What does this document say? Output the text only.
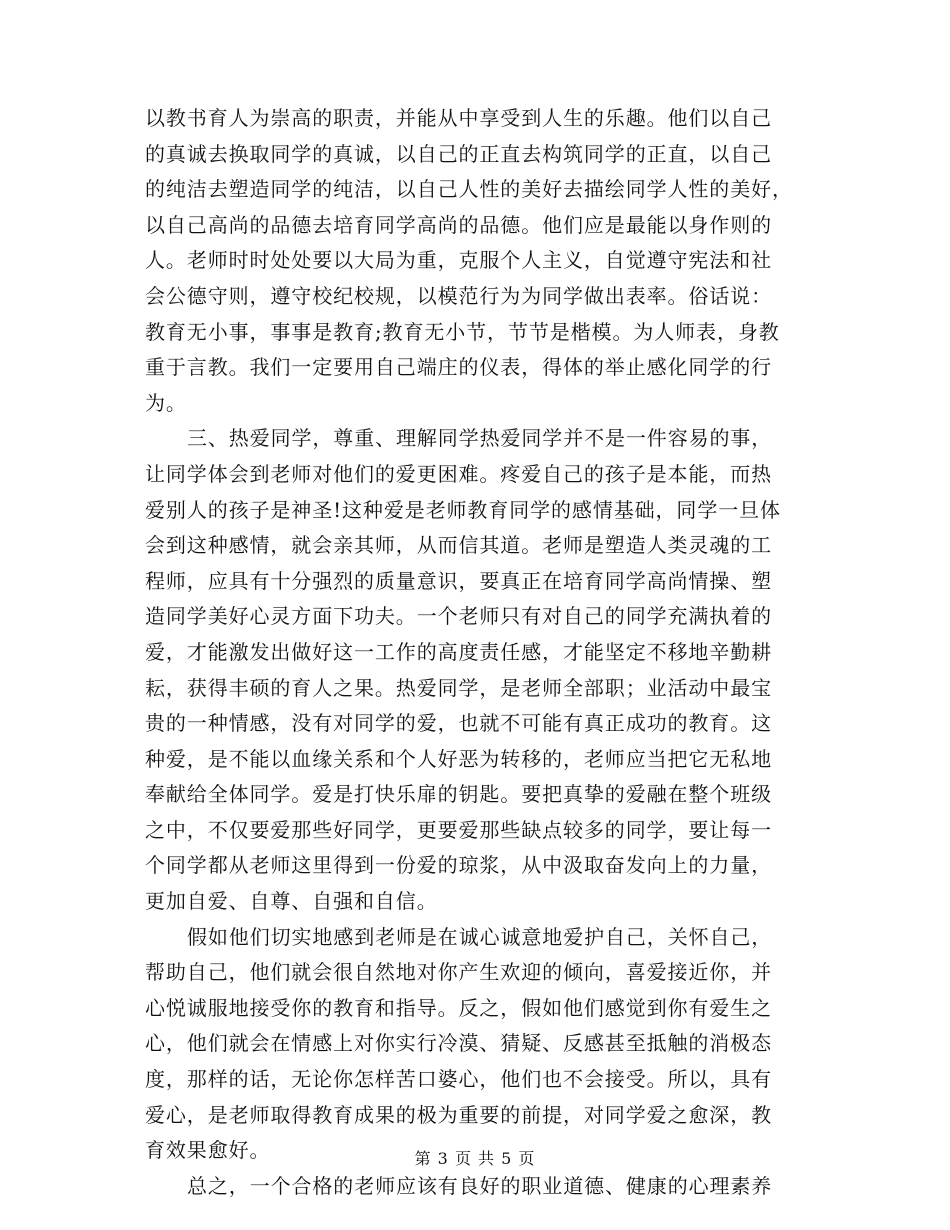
以教书育人为崇高的职责，并能从中享受到人生的乐趣。他们以自己
的真诚去换取同学的真诚，以自己的正直去构筑同学的正直，以自己
的纯洁去塑造同学的纯洁，以自己人性的美好去描绘同学人性的美好，
以自己高尚的品德去培育同学高尚的品德。他们应是最能以身作则的
人。老师时时处处要以大局为重，克服个人主义，自觉遵守宪法和社
会公德守则，遵守校纪校规，以模范行为为同学做出表率。俗话说：
教育无小事，事事是教育;教育无小节，节节是楷模。为人师表，身教
重于言教。我们一定要用自己端庄的仪表，得体的举止感化同学的行
为。
三、热爱同学，尊重、理解同学热爱同学并不是一件容易的事，
让同学体会到老师对他们的爱更困难。疼爱自己的孩子是本能，而热
爱别人的孩子是神圣!这种爱是老师教育同学的感情基础，同学一旦体
会到这种感情，就会亲其师，从而信其道。老师是塑造人类灵魂的工
程师，应具有十分强烈的质量意识，要真正在培育同学高尚情操、塑
造同学美好心灵方面下功夫。一个老师只有对自己的同学充满执着的
爱，才能激发出做好这一工作的高度责任感，才能坚定不移地辛勤耕
耘，获得丰硕的育人之果。热爱同学，是老师全部职；业活动中最宝
贵的一种情感，没有对同学的爱，也就不可能有真正成功的教育。这
种爱，是不能以血缘关系和个人好恶为转移的，老师应当把它无私地
奉献给全体同学。爱是打快乐扉的钥匙。要把真挚的爱融在整个班级
之中，不仅要爱那些好同学，更要爱那些缺点较多的同学，要让每一
个同学都从老师这里得到一份爱的琼浆，从中汲取奋发向上的力量，
更加自爱、自尊、自强和自信。
假如他们切实地感到老师是在诚心诚意地爱护自己，关怀自己，
帮助自己，他们就会很自然地对你产生欢迎的倾向，喜爱接近你，并
心悦诚服地接受你的教育和指导。反之，假如他们感觉到你有爱生之
心，他们就会在情感上对你实行冷漠、猜疑、反感甚至抵触的消极态
度，那样的话，无论你怎样苦口婆心，他们也不会接受。所以，具有
爱心，是老师取得教育成果的极为重要的前提，对同学爱之愈深，教
育效果愈好。
总之，一个合格的老师应该有良好的职业道德、健康的心理素养
第 3 页 共 5 页
